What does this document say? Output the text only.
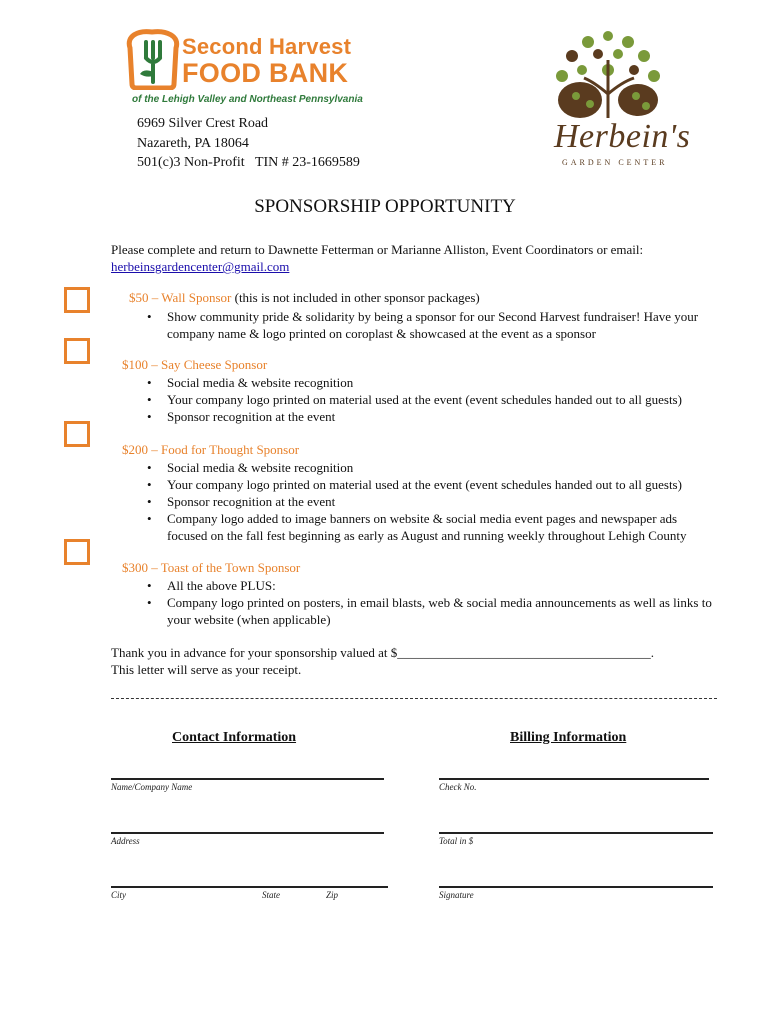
Second Harvest
FOOD BANK
of the Lehigh Valley and Northeast Pennsylvania
Herbein's
GARDEN CENTER
6969 Silver Crest Road
Nazareth, PA 18064
501(c)3 Non-Profit   TIN # 23-1669589
SPONSORSHIP OPPORTUNITY
Please complete and return to Dawnette Fetterman or Marianne Alliston, Event Coordinators or email:
herbeinsgardencenter@gmail.com
$50 – Wall Sponsor (this is not included in other sponsor packages)
• Show community pride & solidarity by being a sponsor for our Second Harvest fundraiser! Have your company name & logo printed on coroplast & showcased at the event as a sponsor
$100 – Say Cheese Sponsor
• Social media & website recognition
• Your company logo printed on material used at the event (event schedules handed out to all guests)
• Sponsor recognition at the event
$200 – Food for Thought Sponsor
• Social media & website recognition
• Your company logo printed on material used at the event (event schedules handed out to all guests)
• Sponsor recognition at the event
• Company logo added to image banners on website & social media event pages and newspaper ads focused on the fall fest beginning as early as August and running weekly throughout Lehigh County
$300 – Toast of the Town Sponsor
• All the above PLUS:
• Company logo printed on posters, in email blasts, web & social media announcements as well as links to your website (when applicable)
Thank you in advance for your sponsorship valued at $_______________________________________.
This letter will serve as your receipt.
Contact Information	Billing Information
Name/Company Name
Address
City	State	Zip
Check No.
Total in $
Signature
